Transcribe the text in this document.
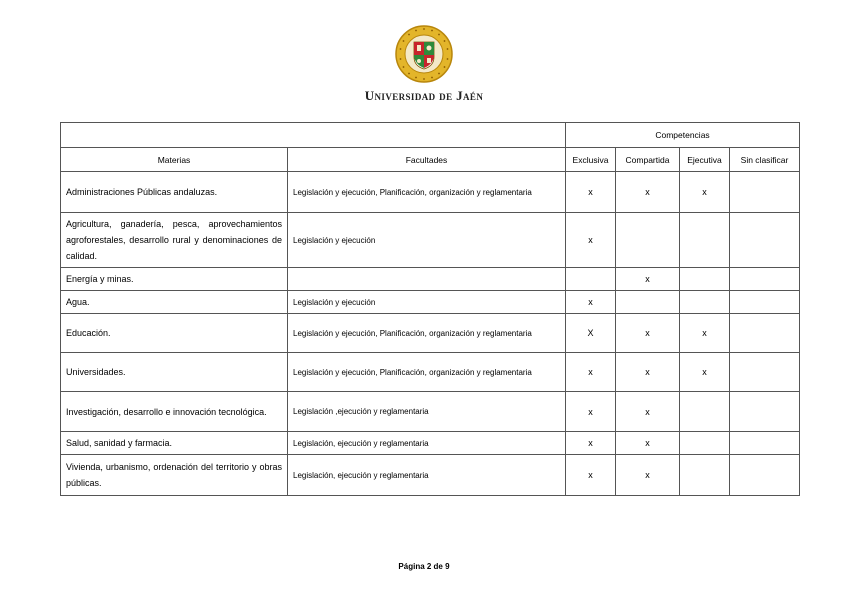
Universidad de Jaén
		Competencias			
Materias	Facultades	Exclusiva	Compartida	Ejecutiva	Sin clasificar
Administraciones Públicas andaluzas.	Legislación y ejecución, Planificación, organización y reglamentaria	x	x	x	
Agricultura, ganadería, pesca, aprovechamientos agroforestales, desarrollo rural y denominaciones de calidad.	Legislación y ejecución	x			
Energía y minas.			x		
Agua.	Legislación y ejecución	x			
Educación.	Legislación y ejecución, Planificación, organización y reglamentaria	X	x	x	
Universidades.	Legislación y ejecución, Planificación, organización y reglamentaria	x	x	x	
Investigación, desarrollo e innovación tecnológica.	Legislación ,ejecución y reglamentaria	x	x		
Salud, sanidad y farmacia.	Legislación, ejecución y reglamentaria	x	x		
Vivienda, urbanismo, ordenación del territorio y obras públicas.	Legislación, ejecución y reglamentaria	x	x		
Página 2 de 9
